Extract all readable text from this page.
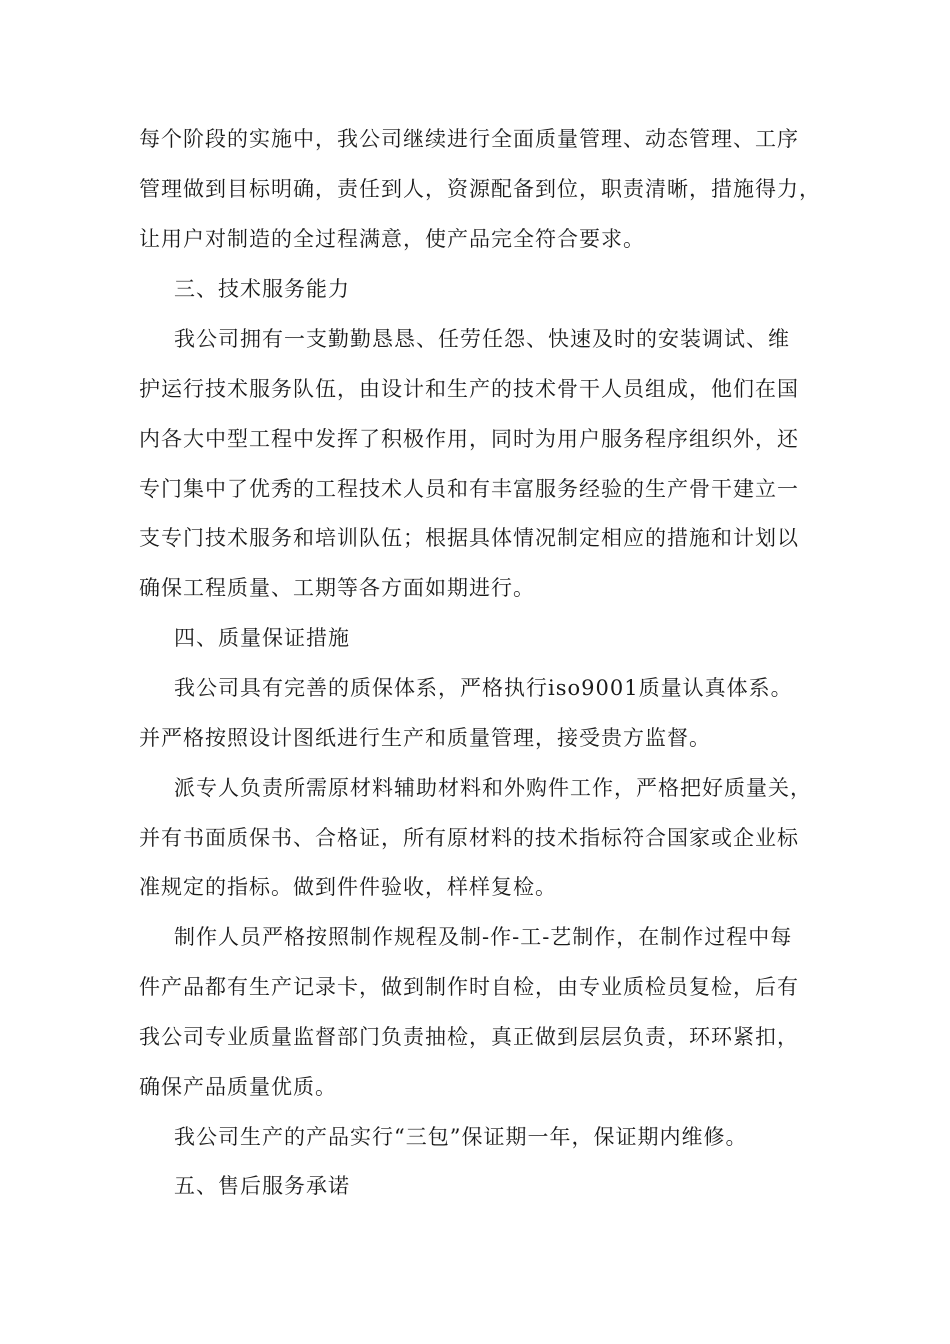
每个阶段的实施中，我公司继续进行全面质量管理、动态管理、工序
管理做到目标明确，责任到人，资源配备到位，职责清晰，措施得力，
让用户对制造的全过程满意，使产品完全符合要求。
三、技术服务能力
我公司拥有一支勤勤恳恳、任劳任怨、快速及时的安装调试、维
护运行技术服务队伍，由设计和生产的技术骨干人员组成，他们在国
内各大中型工程中发挥了积极作用，同时为用户服务程序组织外，还
专门集中了优秀的工程技术人员和有丰富服务经验的生产骨干建立一
支专门技术服务和培训队伍；根据具体情况制定相应的措施和计划以
确保工程质量、工期等各方面如期进行。
四、质量保证措施
我公司具有完善的质保体系，严格执行iso9001质量认真体系。
并严格按照设计图纸进行生产和质量管理，接受贵方监督。
派专人负责所需原材料辅助材料和外购件工作，严格把好质量关，
并有书面质保书、合格证，所有原材料的技术指标符合国家或企业标
准规定的指标。做到件件验收，样样复检。
制作人员严格按照制作规程及制-作-工-艺制作，在制作过程中每
件产品都有生产记录卡，做到制作时自检，由专业质检员复检，后有
我公司专业质量监督部门负责抽检，真正做到层层负责，环环紧扣，
确保产品质量优质。
我公司生产的产品实行“三包”保证期一年，保证期内维修。
五、售后服务承诺
